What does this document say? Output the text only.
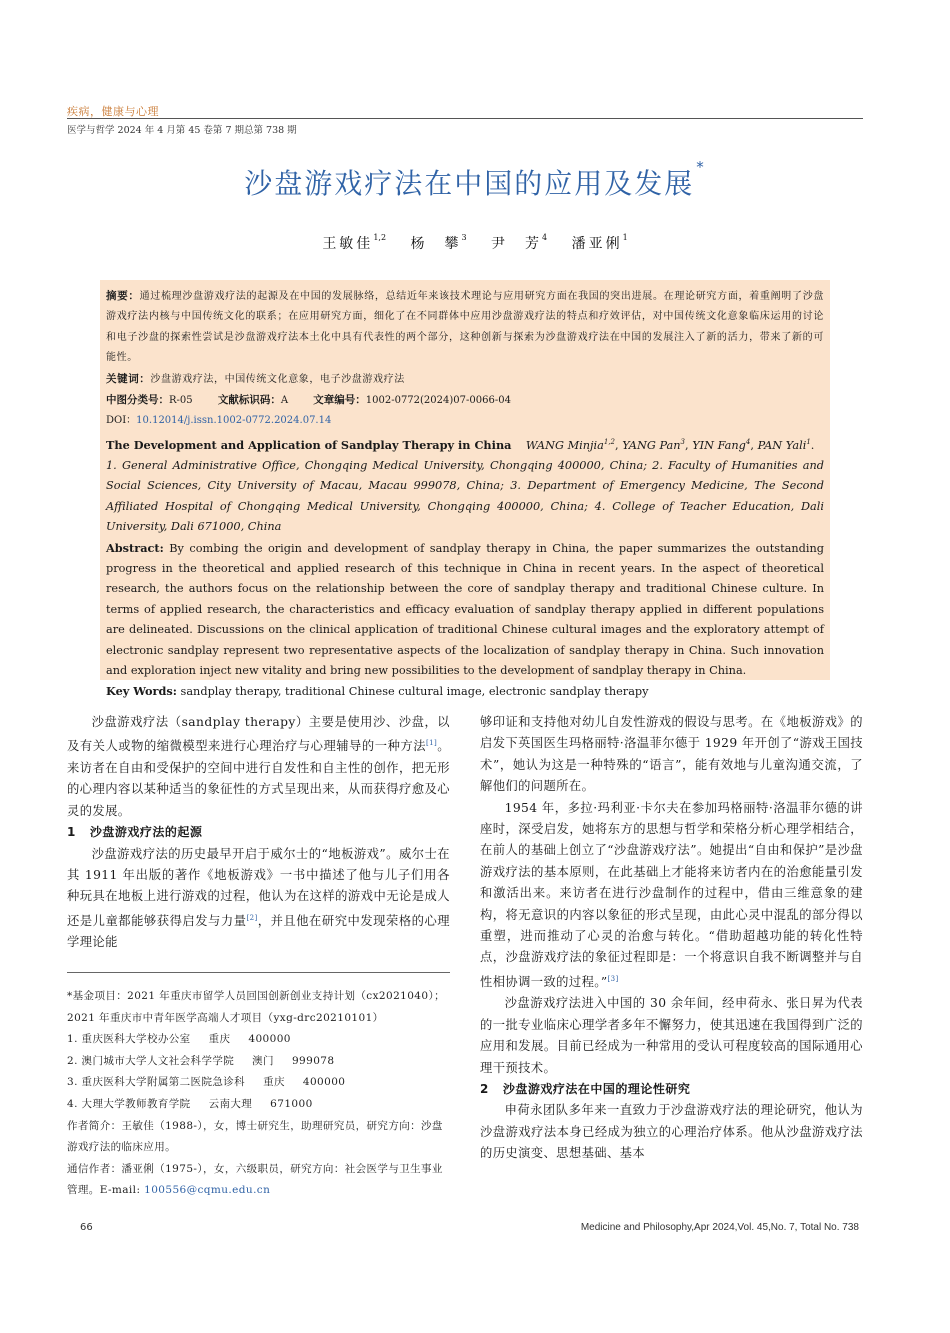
疾病，健康与心理
医学与哲学 2024 年 4 月第 45 卷第 7 期总第 738 期
沙盘游戏疗法在中国的应用及发展 *
王敏佳$^{1,2}$ 杨　攀$^3$ 尹　芳$^4$ 潘亚俐$^1$

摘要：通过梳理沙盘游戏疗法的起源及在中国的发展脉络，总结近年来该技术理论与应用研究方面在我国的突出进展。在理论研究方面，着重阐明了沙盘游戏疗法内核与中国传统文化的联系；在应用研究方面，细化了在不同群体中应用沙盘游戏疗法的特点和疗效评估，对中国传统文化意象临床运用的讨论和电子沙盘的探索性尝试是沙盘游戏疗法本土化中具有代表性的两个部分，这种创新与探索为沙盘游戏疗法在中国的发展注入了新的活力，带来了新的可能性。

关键词：沙盘游戏疗法，中国传统文化意象，电子沙盘游戏疗法

中图分类号：R-05 文献标识码：A 文章编号：1002-0772(2024)07-0066-04

DOI：10.12014/j.issn.1002-0772.2024.07.14

The Development and Application of Sandplay Therapy in China WANG Minjia$^{1,2}$, YANG Pan$^3$, YIN Fang$^4$, PAN Yali$^1$.

1. General Administrative Office, Chongqing Medical University, Chongqing 400000, China; 2. Faculty of Humanities and Social Sciences, City University of Macau, Macau 999078, China; 3. Department of Emergency Medicine, The Second Affiliated Hospital of Chongqing Medical University, Chongqing 400000, China; 4. College of Teacher Education, Dali University, Dali 671000, China

Abstract: By combing the origin and development of sandplay therapy in China, the paper summarizes the outstanding progress in the theoretical and applied research of this technique in China in recent years. In the aspect of theoretical research, the authors focus on the relationship between the core of sandplay therapy and traditional Chinese culture. In terms of applied research, the characteristics and efficacy evaluation of sandplay therapy applied in different populations are delineated. Discussions on the clinical application of traditional Chinese cultural images and the exploratory attempt of electronic sandplay represent two representative aspects of the localization of sandplay therapy in China. Such innovation and exploration inject new vitality and bring new possibilities to the development of sandplay therapy in China.

Key Words: sandplay therapy, traditional Chinese cultural image, electronic sandplay therapy

沙盘游戏疗法（sandplay therapy）主要是使用沙、沙盘，以及有关人或物的缩微模型来进行心理治疗与心理辅导的一种方法[1]。来访者在自由和受保护的空间中进行自发性和自主性的创作，把无形的心理内容以某种适当的象征性的方式呈现出来，从而获得疗愈及心灵的发展。

1 沙盘游戏疗法的起源

沙盘游戏疗法的历史最早开启于威尔士的“地板游戏”。威尔士在其 1911 年出版的著作《地板游戏》一书中描述了他与儿子们用各种玩具在地板上进行游戏的过程，他认为在这样的游戏中无论是成人还是儿童都能够获得启发与力量[2]，并且他在研究中发现荣格的心理学理论能

*基金项目：2021 年重庆市留学人员回国创新创业支持计划（cx2021040）；2021 年重庆市中青年医学高端人才项目（yxg-drc20210101）

1. 重庆医科大学校办公室 重庆 400000

2. 澳门城市大学人文社会科学学院 澳门 999078

3. 重庆医科大学附属第二医院急诊科 重庆 400000

4. 大理大学教师教育学院 云南大理 671000

作者简介：王敏佳（1988-），女，博士研究生，助理研究员，研究方向：沙盘游戏疗法的临床应用。

通信作者：潘亚俐（1975-），女，六级职员，研究方向：社会医学与卫生事业管理。E-mail: 100556@cqmu.edu.cn

够印证和支持他对幼儿自发性游戏的假设与思考。在《地板游戏》的启发下英国医生玛格丽特·洛温菲尔德于 1929 年开创了“游戏王国技术”，她认为这是一种特殊的“语言”，能有效地与儿童沟通交流，了解他们的问题所在。

1954 年，多拉·玛利亚·卡尔夫在参加玛格丽特·洛温菲尔德的讲座时，深受启发，她将东方的思想与哲学和荣格分析心理学相结合，在前人的基础上创立了“沙盘游戏疗法”。她提出“自由和保护”是沙盘游戏疗法的基本原则，在此基础上才能将来访者内在的治愈能量引发和激活出来。来访者在进行沙盘制作的过程中，借由三维意象的建构，将无意识的内容以象征的形式呈现，由此心灵中混乱的部分得以重塑，进而推动了心灵的治愈与转化。“借助超越功能的转化性特点，沙盘游戏疗法的象征过程即是：一个将意识自我不断调整并与自性相协调一致的过程。”[3]

沙盘游戏疗法进入中国的 30 余年间，经申荷永、张日昇为代表的一批专业临床心理学者多年不懈努力，使其迅速在我国得到广泛的应用和发展。目前已经成为一种常用的受认可程度较高的国际通用心理干预技术。

2 沙盘游戏疗法在中国的理论性研究

申荷永团队多年来一直致力于沙盘游戏疗法的理论研究，他认为沙盘游戏疗法本身已经成为独立的心理治疗体系。他从沙盘游戏疗法的历史演变、思想基础、基本

66	Medicine and Philosophy,Apr 2024,Vol. 45,No. 7, Total No. 738
